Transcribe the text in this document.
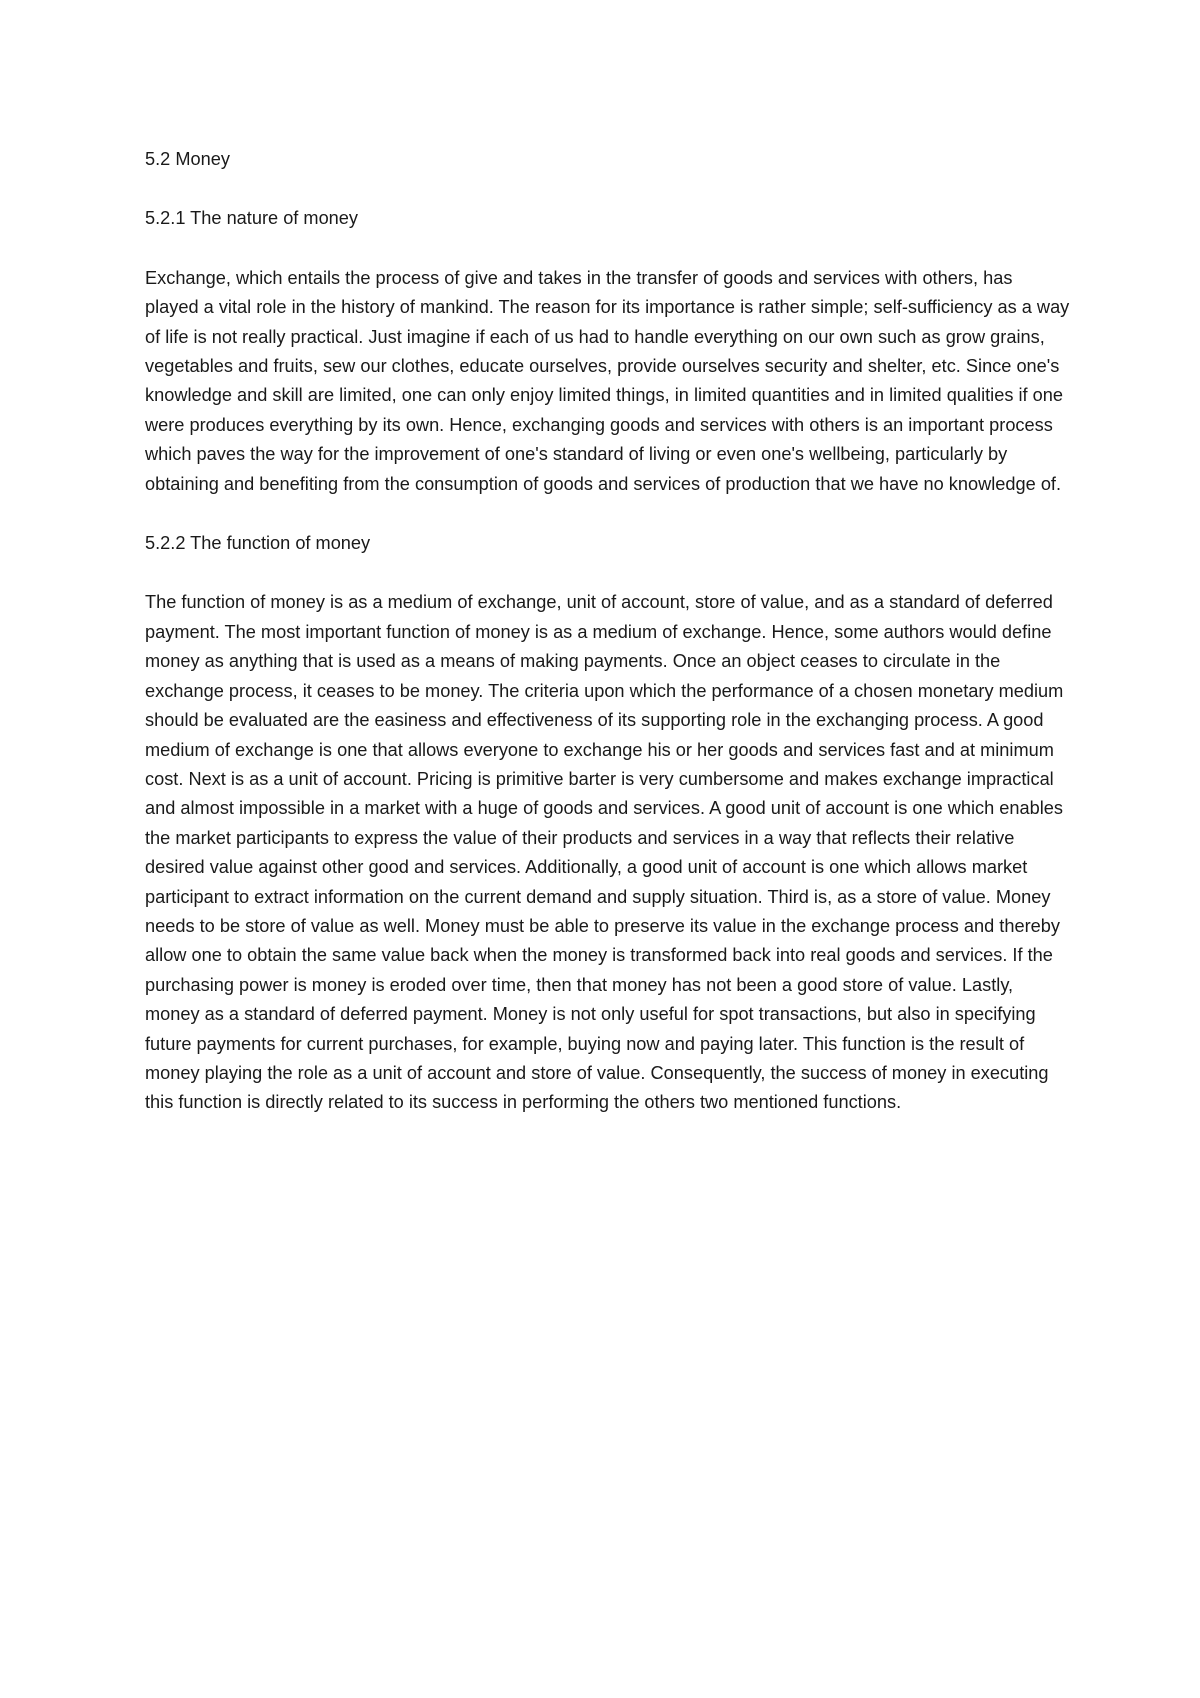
5.2 Money

5.2.1 The nature of money

Exchange, which entails the process of give and takes in the transfer of goods and services with others, has played a vital role in the history of mankind. The reason for its importance is rather simple; self-sufficiency as a way of life is not really practical. Just imagine if each of us had to handle everything on our own such as grow grains, vegetables and fruits, sew our clothes, educate ourselves, provide ourselves security and shelter, etc. Since one's knowledge and skill are limited, one can only enjoy limited things, in limited quantities and in limited qualities if one were produces everything by its own. Hence, exchanging goods and services with others is an important process which paves the way for the improvement of one's standard of living or even one's wellbeing, particularly by obtaining and benefiting from the consumption of goods and services of production that we have no knowledge of.

5.2.2 The function of money

The function of money is as a medium of exchange, unit of account, store of value, and as a standard of deferred payment. The most important function of money is as a medium of exchange. Hence, some authors would define money as anything that is used as a means of making payments. Once an object ceases to circulate in the exchange process, it ceases to be money. The criteria upon which the performance of a chosen monetary medium should be evaluated are the easiness and effectiveness of its supporting role in the exchanging process. A good medium of exchange is one that allows everyone to exchange his or her goods and services fast and at minimum cost. Next is as a unit of account. Pricing is primitive barter is very cumbersome and makes exchange impractical and almost impossible in a market with a huge of goods and services. A good unit of account is one which enables the market participants to express the value of their products and services in a way that reflects their relative desired value against other good and services. Additionally, a good unit of account is one which allows market participant to extract information on the current demand and supply situation. Third is, as a store of value. Money needs to be store of value as well. Money must be able to preserve its value in the exchange process and thereby allow one to obtain the same value back when the money is transformed back into real goods and services. If the purchasing power is money is eroded over time, then that money has not been a good store of value. Lastly, money as a standard of deferred payment. Money is not only useful for spot transactions, but also in specifying future payments for current purchases, for example, buying now and paying later. This function is the result of money playing the role as a unit of account and store of value. Consequently, the success of money in executing this function is directly related to its success in performing the others two mentioned functions.
